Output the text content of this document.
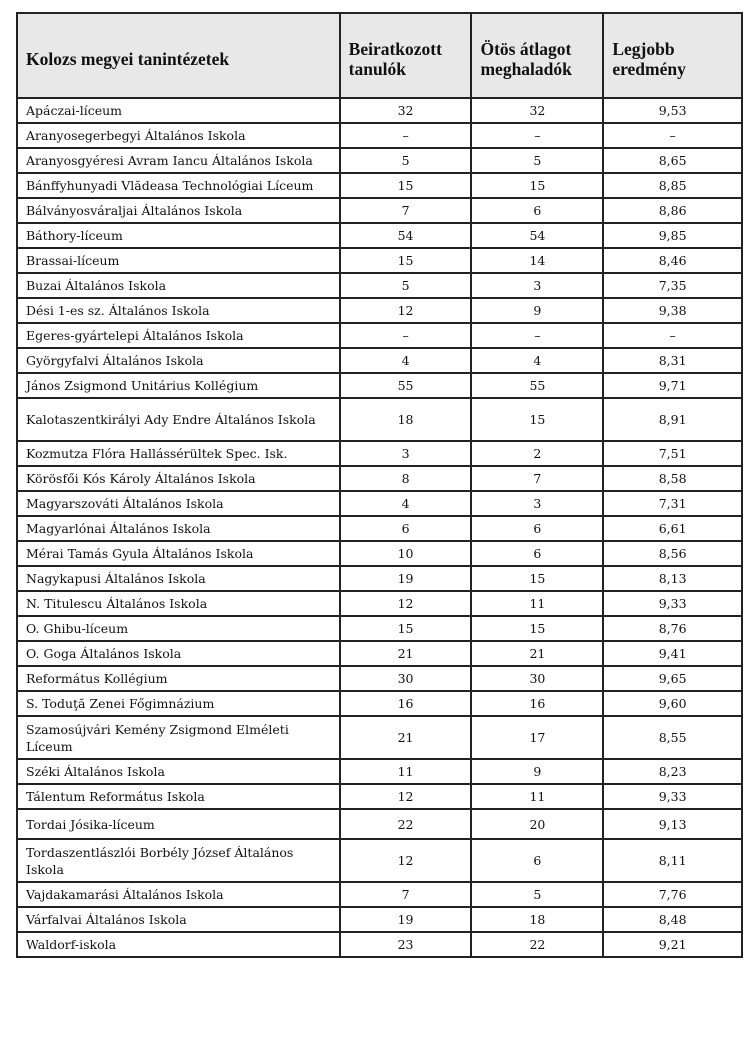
Kolozs megyei tanintézetek	Beiratkozott tanulók	Ötös átlagot meghaladók	Legjobb eredmény
Apáczai-líceum	32	32	9,53
Aranyosegerbegyi Általános Iskola	–	–	–
Aranyosgyéresi Avram Iancu Általános Iskola	5	5	8,65
Bánffyhunyadi Vlădeasa Technológiai Líceum	15	15	8,85
Bálványosváraljai Általános Iskola	7	6	8,86
Báthory-líceum	54	54	9,85
Brassai-líceum	15	14	8,46
Buzai Általános Iskola	5	3	7,35
Dési 1-es sz. Általános Iskola	12	9	9,38
Egeres-gyártelepi Általános Iskola	–	–	–
Györgyfalvi Általános Iskola	4	4	8,31
János Zsigmond Unitárius Kollégium	55	55	9,71
Kalotaszentkirályi Ady Endre Általános Iskola	18	15	8,91
Kozmutza Flóra Hallássérültek Spec. Isk.	3	2	7,51
Körösfői Kós Károly Általános Iskola	8	7	8,58
Magyarszováti Általános Iskola	4	3	7,31
Magyarlónai Általános Iskola	6	6	6,61
Mérai Tamás Gyula Általános Iskola	10	6	8,56
Nagykapusi Általános Iskola	19	15	8,13
N. Titulescu Általános Iskola	12	11	9,33
O. Ghibu-líceum	15	15	8,76
O. Goga Általános Iskola	21	21	9,41
Református Kollégium	30	30	9,65
S. Toduţă Zenei Főgimnázium	16	16	9,60
Szamosújvári Kemény Zsigmond Elméleti Líceum	21	17	8,55
Széki Általános Iskola	11	9	8,23
Tálentum Református Iskola	12	11	9,33
Tordai Jósika-líceum	22	20	9,13
Tordaszentlászlói Borbély József Általános Iskola	12	6	8,11
Vajdakamarási Általános Iskola	7	5	7,76
Várfalvai Általános Iskola	19	18	8,48
Waldorf-iskola	23	22	9,21
